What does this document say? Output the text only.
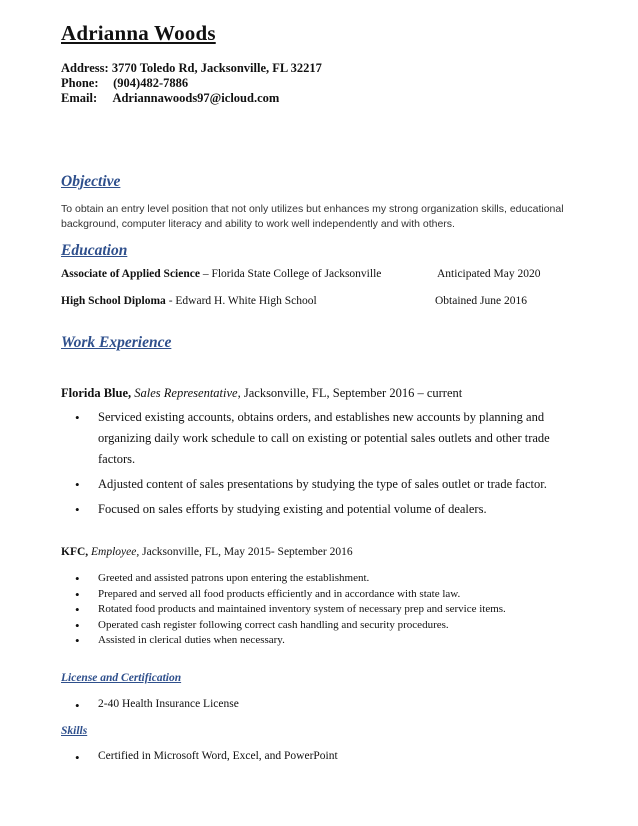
Adrianna Woods
Address: 3770 Toledo Rd, Jacksonville, FL 32217
Phone: (904)482-7886
Email: Adriannawoods97@icloud.com
Objective
To obtain an entry level position that not only utilizes but enhances my strong organization skills, educational background, computer literacy and ability to work well independently and with others.
Education
Associate of Applied Science – Florida State College of Jacksonville	Anticipated May 2020
High School Diploma - Edward H. White High School	Obtained June 2016
Work Experience
Florida Blue, Sales Representative, Jacksonville, FL, September 2016 – current
• Serviced existing accounts, obtains orders, and establishes new accounts by planning and organizing daily work schedule to call on existing or potential sales outlets and other trade factors.
• Adjusted content of sales presentations by studying the type of sales outlet or trade factor.
• Focused on sales efforts by studying existing and potential volume of dealers.
KFC, Employee, Jacksonville, FL, May 2015- September 2016
• Greeted and assisted patrons upon entering the establishment.
• Prepared and served all food products efficiently and in accordance with state law.
• Rotated food products and maintained inventory system of necessary prep and service items.
• Operated cash register following correct cash handling and security procedures.
• Assisted in clerical duties when necessary.
License and Certification
• 2-40 Health Insurance License
Skills
• Certified in Microsoft Word, Excel, and PowerPoint
